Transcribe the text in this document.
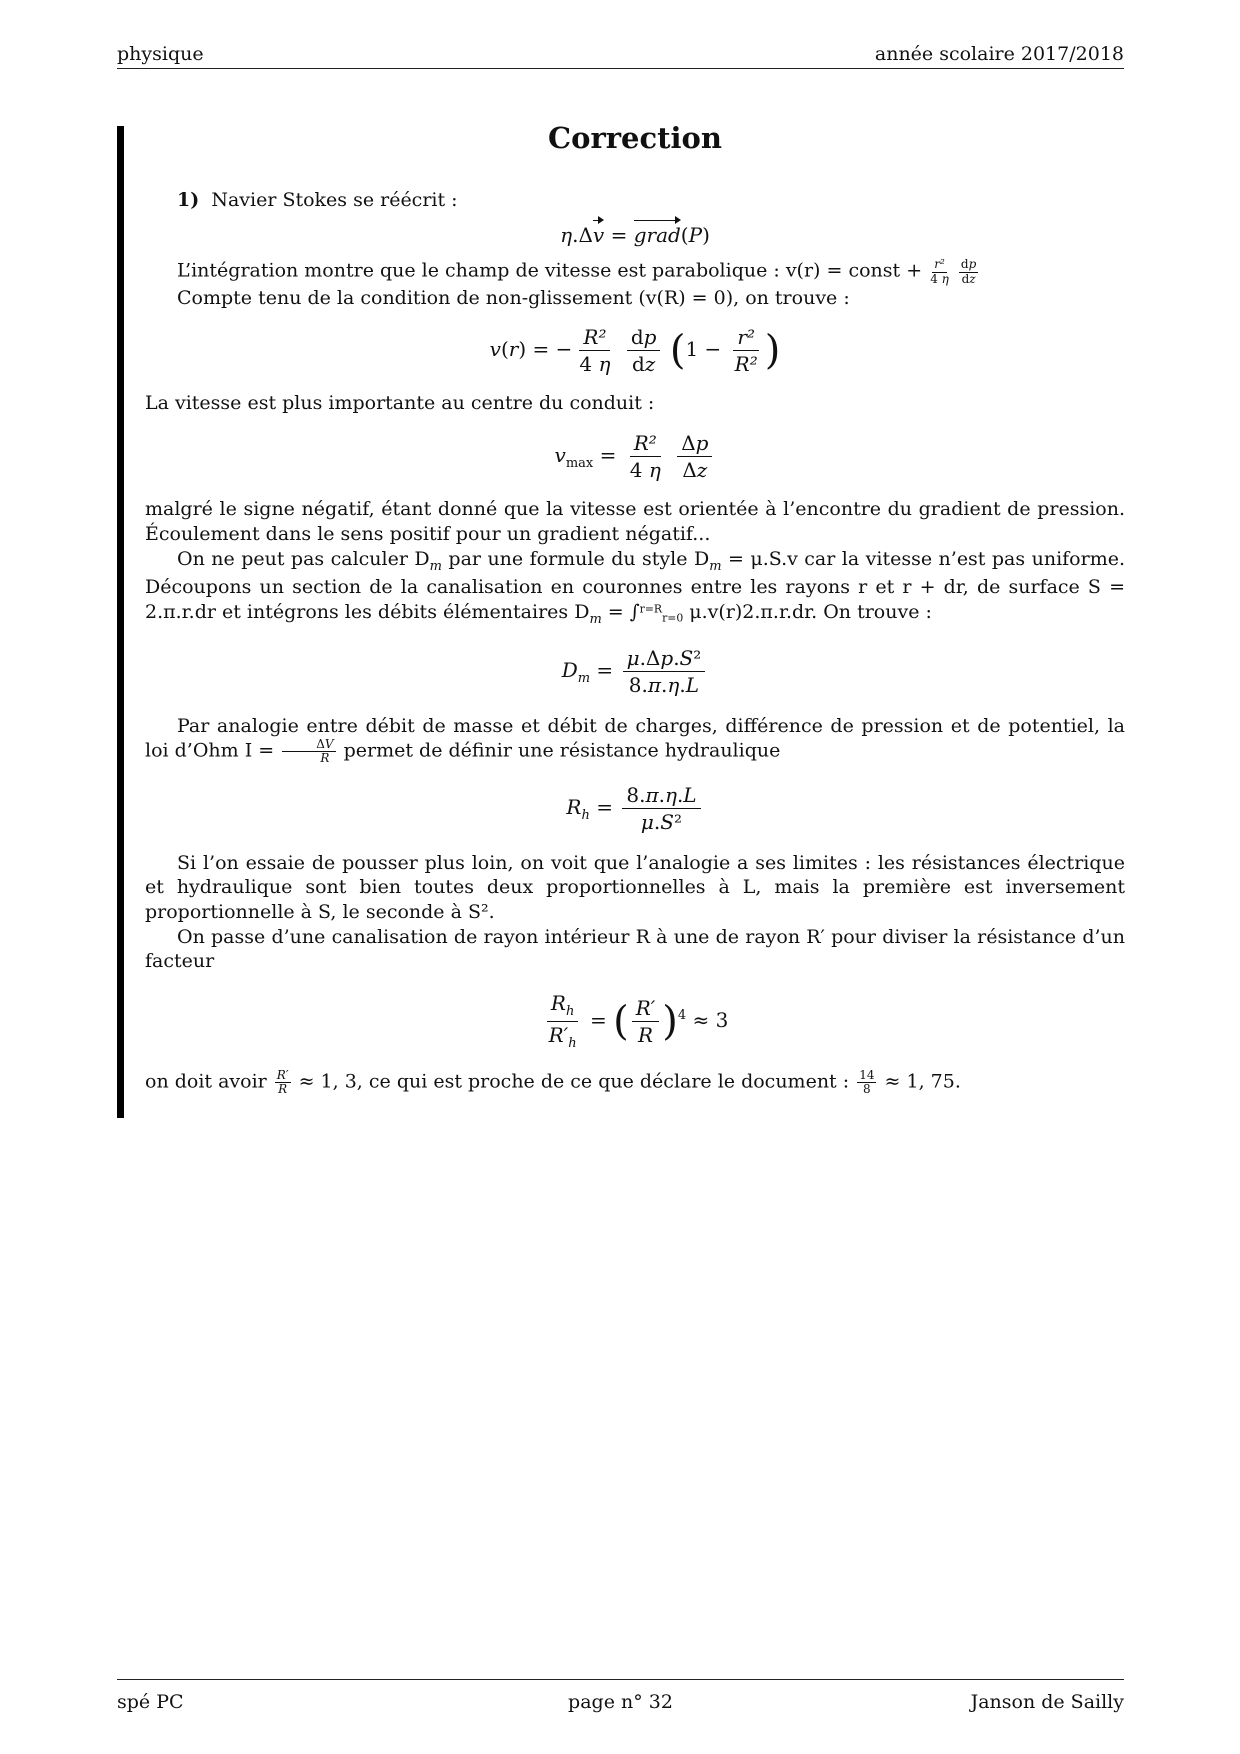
physique	année scolaire 2017/2018
Correction

1) Navier Stokes se réécrit :

η.Δv = grad(P)

L’intégration montre que le champ de vitesse est parabolique : v(r) = const + $\frac{\text{r²}}{4 \eta}$
$\frac{dp}{dz}$

Compte tenu de la condition de non-glissement (v(R) = 0), on trouve :

v(r) = − $\frac{\text{R²}}{4 \eta}$
$\frac{dp}{dz} (1 - \frac{\text{r²}}{\text{R²}}$ )

La vitesse est plus importante au centre du conduit :

$v_{max} = \frac{\text{R²}}{4 \eta}$
$\frac{\Delta p}{\Delta z}$

malgré le signe négatif, étant donné que la vitesse est orientée à l’encontre du gradient de pression. Écoulement dans le sens positif pour un gradient négatif...

On ne peut pas calculer $D_m$ par une formule du style $D_m = \mu.S.v$ car la vitesse n’est pas uniforme. Découpons un section de la canalisation en couronnes entre les rayons r et r + dr, de surface S = 2.π.r.dr et intégrons les débits élémentaires $D_m = \int^{r=R}_{r=0}$ μ.v(r)2.π.r.dr. On trouve :

$D_m = \frac{\text{μ.Δp.S²}}{8.\pi.\eta.L}$

Par analogie entre débit de masse et débit de charges, différence de pression et de potentiel, la loi d’Ohm $I = \frac{\Delta V}{R}$ permet de définir une résistance hydraulique

$R_h = \frac{8.\pi.\eta.L}{\text{μ.S²}}$

Si l’on essaie de pousser plus loin, on voit que l’analogie a ses limites : les résistances électrique et hydraulique sont bien toutes deux proportionnelles à L, mais la première est inversement proportionnelle à S, le seconde à S².

On passe d’une canalisation de rayon intérieur R à une de rayon R′ pour diviser la résistance d’un facteur

$\frac{R_h}{R'_h}$ = ( $\frac{R'}{R} )^4 \approx 3$

on doit avoir $\frac{R'}{R} \approx 1$, 3, ce qui est proche de ce que déclare le document : $\frac{14}{8} \approx 1$, 75.

spé PC	page n° 32	Janson de Sailly
